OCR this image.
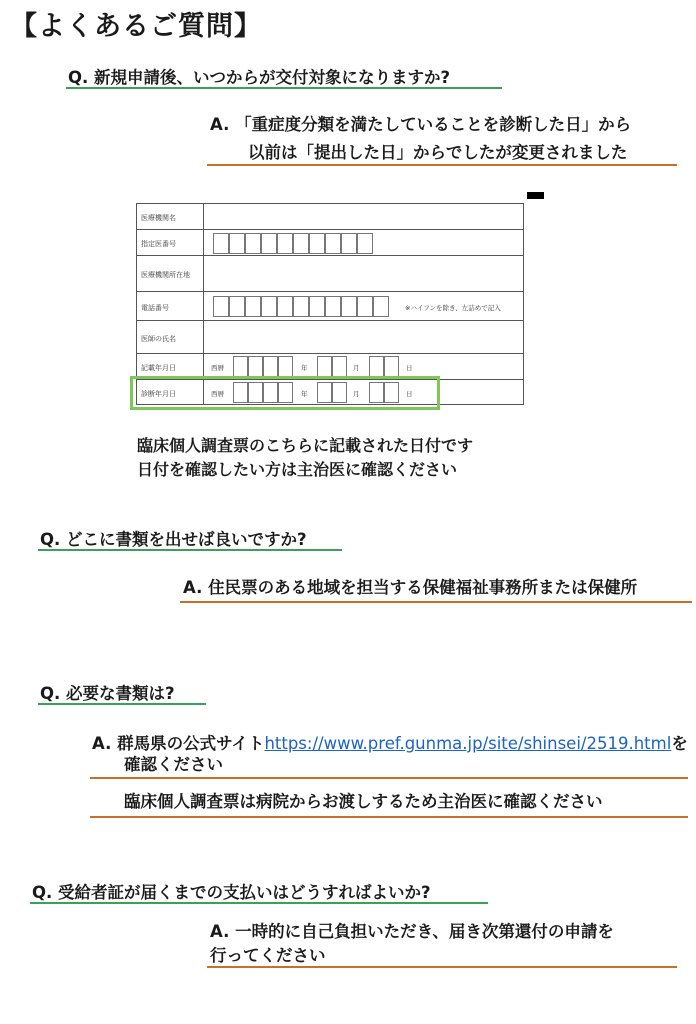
【よくあるご質問】
Q. 新規申請後、いつからが交付対象になりますか?
A. 「重症度分類を満たしていることを診断した日」から
以前は「提出した日」からでしたが変更されました
医療機関名
指定医番号
医療機関所在地
電話番号	※ハイフンを除き、左詰めで記入
医師の氏名
記載年月日	西暦	年	月	日
診断年月日	西暦	年	月	日
臨床個人調査票のこちらに記載された日付です
日付を確認したい方は主治医に確認ください
Q. どこに書類を出せば良いですか?
A. 住民票のある地域を担当する保健福祉事務所または保健所
Q. 必要な書類は?
A. 群馬県の公式サイトhttps://www.pref.gunma.jp/site/shinsei/2519.htmlを
確認ください
臨床個人調査票は病院からお渡しするため主治医に確認ください
Q. 受給者証が届くまでの支払いはどうすればよいか?
A. 一時的に自己負担いただき、届き次第還付の申請を
行ってください
